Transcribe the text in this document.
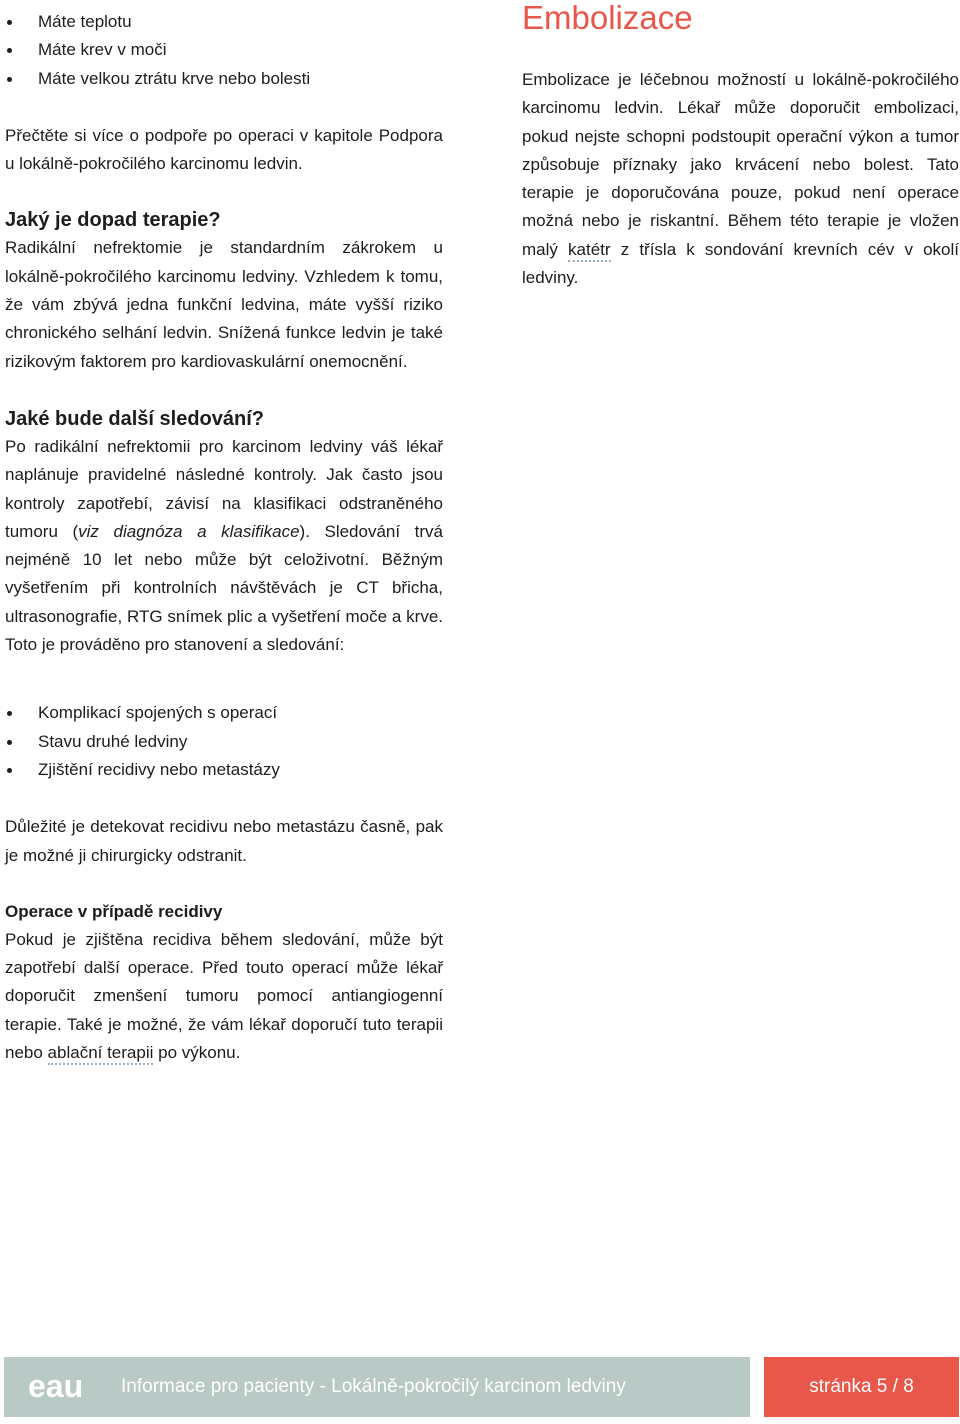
Máte teplotu
Máte krev v moči
Máte velkou ztrátu krve nebo bolesti

Přečtěte si více o podpoře po operaci v kapitole Podpora u lokálně-pokročilého karcinomu ledvin.

Jaký je dopad terapie?

Radikální nefrektomie je standardním zákrokem u lokálně-pokročilého karcinomu ledviny. Vzhledem k tomu, že vám zbývá jedna funkční ledvina, máte vyšší riziko chronického selhání ledvin. Snížená funkce ledvin je také rizikovým faktorem pro kardiovaskulární onemocnění.

Jaké bude další sledování?

Po radikální nefrektomii pro karcinom ledviny váš lékař naplánuje pravidelné následné kontroly. Jak často jsou kontroly zapotřebí, závisí na klasifikaci odstraněného tumoru (viz diagnóza a klasifikace). Sledování trvá nejméně 10 let nebo může být celoživotní. Běžným vyšetřením při kontrolních návštěvách je CT břicha, ultrasonografie, RTG snímek plic a vyšetření moče a krve. Toto je prováděno pro stanovení a sledování:

Komplikací spojených s operací
Stavu druhé ledviny
Zjištění recidivy nebo metastázy

Důležité je detekovat recidivu nebo metastázu časně, pak je možné ji chirurgicky odstranit.

Operace v případě recidivy

Pokud je zjištěna recidiva během sledování, může být zapotřebí další operace. Před touto operací může lékař doporučit zmenšení tumoru pomocí antiangiogenní terapie. Také je možné, že vám lékař doporučí tuto terapii nebo ablační terapii po výkonu.

Embolizace

Embolizace je léčebnou možností u lokálně-pokročilého karcinomu ledvin. Lékař může doporučit embolizaci, pokud nejste schopni podstoupit operační výkon a tumor způsobuje příznaky jako krvácení nebo bolest. Tato terapie je doporučována pouze, pokud není operace možná nebo je riskantní. Během této terapie je vložen malý katétr z třísla k sondování krevních cév v okolí ledviny.

eau Informace pro pacienty - Lokálně-pokročilý karcinom ledviny	stránka 5 / 8
